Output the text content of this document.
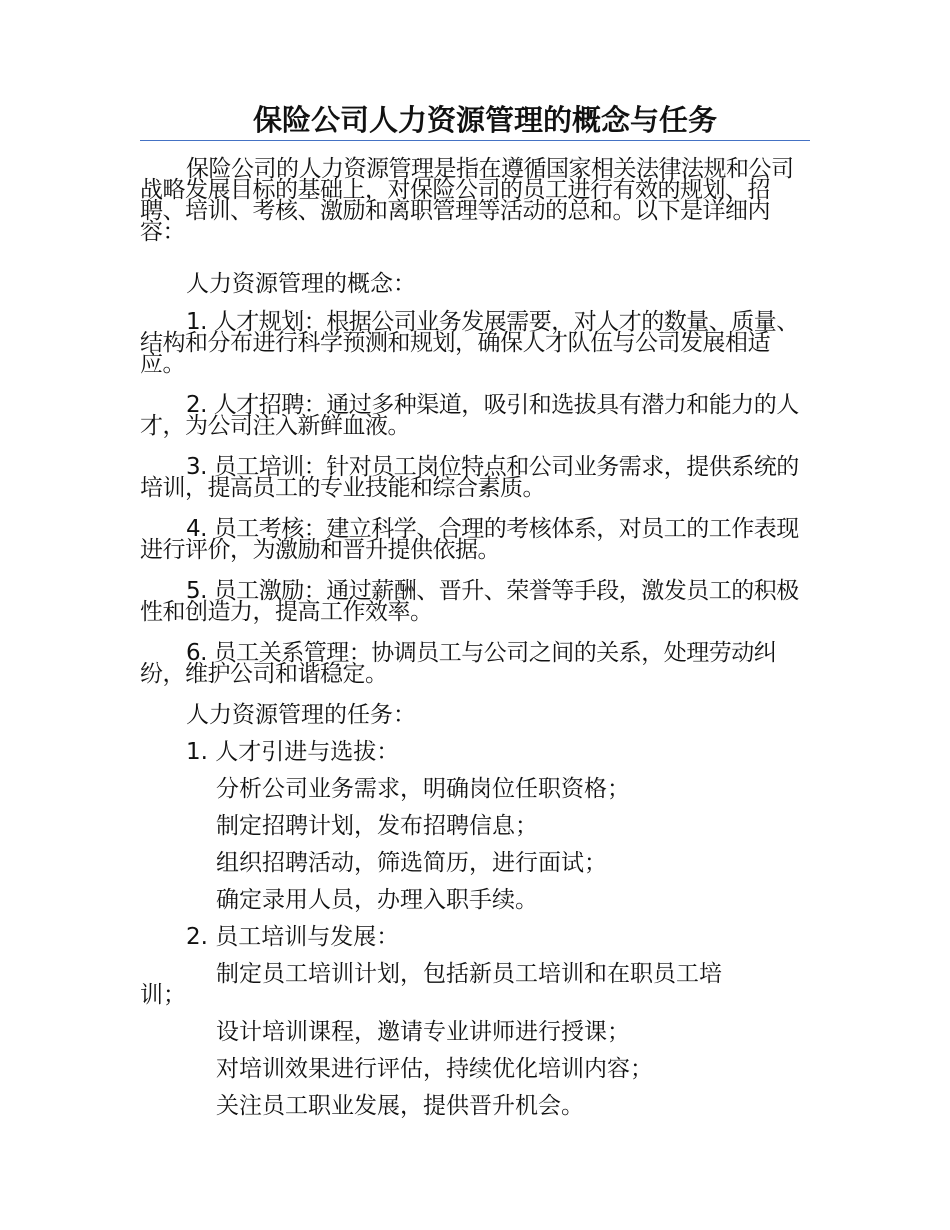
保险公司人力资源管理的概念与任务

保险公司的人力资源管理是指在遵循国家相关法律法规和公司战略发展目标的基础上，对保险公司的员工进行有效的规划、招聘、培训、考核、激励和离职管理等活动的总和。以下是详细内容：

人力资源管理的概念：

1. 人才规划：根据公司业务发展需要，对人才的数量、质量、结构和分布进行科学预测和规划，确保人才队伍与公司发展相适应。

2. 人才招聘：通过多种渠道，吸引和选拔具有潜力和能力的人才，为公司注入新鲜血液。

3. 员工培训：针对员工岗位特点和公司业务需求，提供系统的培训，提高员工的专业技能和综合素质。

4. 员工考核：建立科学、合理的考核体系，对员工的工作表现进行评价，为激励和晋升提供依据。

5. 员工激励：通过薪酬、晋升、荣誉等手段，激发员工的积极性和创造力，提高工作效率。

6. 员工关系管理：协调员工与公司之间的关系，处理劳动纠纷，维护公司和谐稳定。

人力资源管理的任务：
1. 人才引进与选拔：
分析公司业务需求，明确岗位任职资格；
制定招聘计划，发布招聘信息；
组织招聘活动，筛选简历，进行面试；
确定录用人员，办理入职手续。
2. 员工培训与发展：
制定员工培训计划，包括新员工培训和在职员工培
训；
设计培训课程，邀请专业讲师进行授课；
对培训效果进行评估，持续优化培训内容；
关注员工职业发展，提供晋升机会。
